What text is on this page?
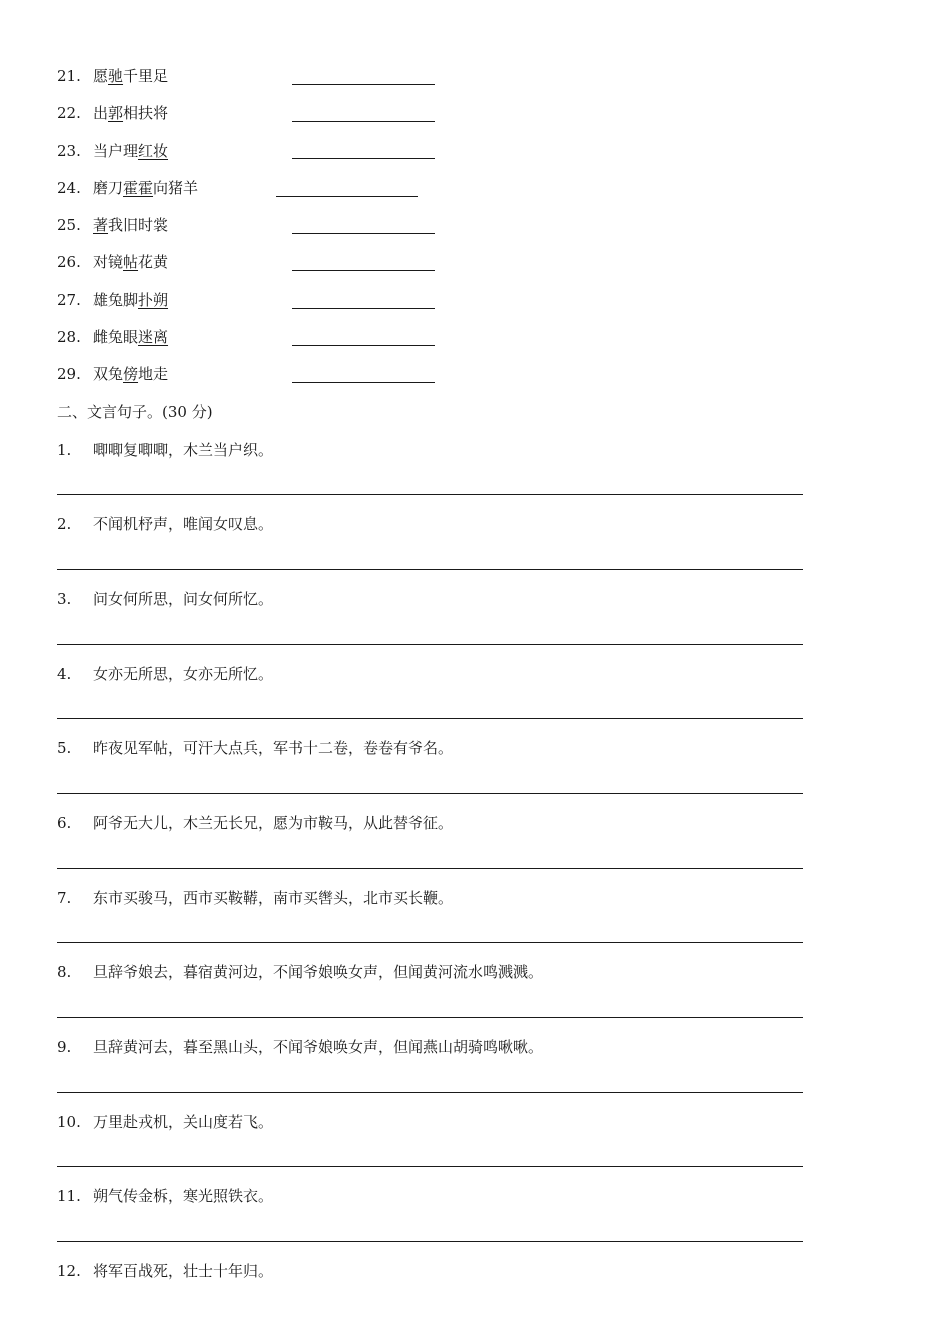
21. 愿驰千里足
22. 出郭相扶将
23. 当户理红妆
24. 磨刀霍霍向猪羊
25. 著我旧时裳
26. 对镜帖花黄
27. 雄兔脚扑朔
28. 雌兔眼迷离
29. 双兔傍地走
二、文言句子。(30 分)
1. 唧唧复唧唧，木兰当户织。
2. 不闻机杼声，唯闻女叹息。
3. 问女何所思，问女何所忆。
4. 女亦无所思，女亦无所忆。
5. 昨夜见军帖，可汗大点兵，军书十二卷，卷卷有爷名。
6. 阿爷无大儿，木兰无长兄，愿为市鞍马，从此替爷征。
7. 东市买骏马，西市买鞍鞯，南市买辔头，北市买长鞭。
8. 旦辞爷娘去，暮宿黄河边，不闻爷娘唤女声，但闻黄河流水鸣溅溅。
9. 旦辞黄河去，暮至黑山头，不闻爷娘唤女声，但闻燕山胡骑鸣啾啾。
10. 万里赴戎机，关山度若飞。
11. 朔气传金柝，寒光照铁衣。
12. 将军百战死，壮士十年归。
